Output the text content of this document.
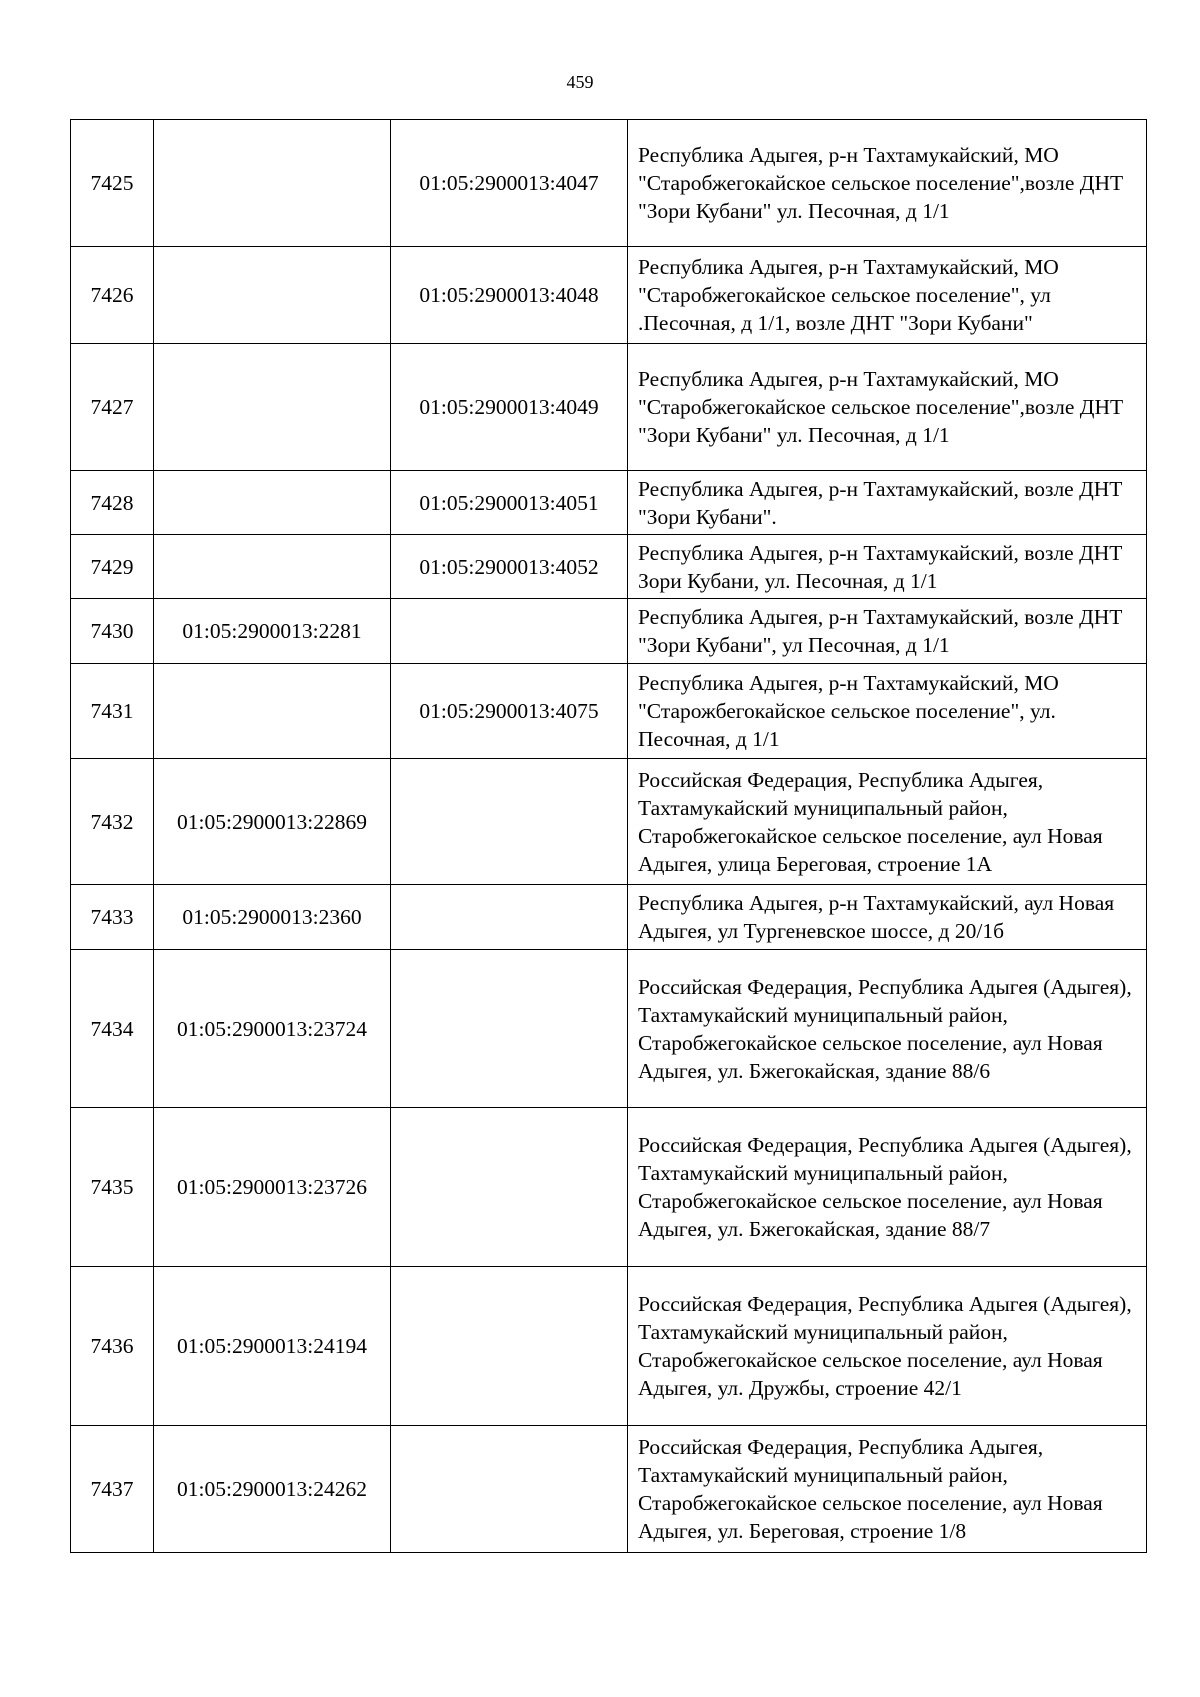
459
7425		01:05:2900013:4047	Республика Адыгея, р-н Тахтамукайский, МО "Старобжегокайское сельское поселение",возле ДНТ "Зори Кубани" ул. Песочная, д 1/1
7426		01:05:2900013:4048	Республика Адыгея, р-н Тахтамукайский, МО "Старобжегокайское сельское поселение", ул .Песочная, д 1/1, возле ДНТ "Зори Кубани"
7427		01:05:2900013:4049	Республика Адыгея, р-н Тахтамукайский, МО "Старобжегокайское сельское поселение",возле ДНТ "Зори Кубани" ул. Песочная, д 1/1
7428		01:05:2900013:4051	Республика Адыгея, р-н Тахтамукайский, возле ДНТ "Зори Кубани".
7429		01:05:2900013:4052	Республика Адыгея, р-н Тахтамукайский, возле ДНТ Зори Кубани, ул. Песочная, д 1/1
7430	01:05:2900013:2281		Республика Адыгея, р-н Тахтамукайский, возле ДНТ "Зори Кубани", ул Песочная, д 1/1
7431		01:05:2900013:4075	Республика Адыгея, р-н Тахтамукайский, МО "Старожбегокайское сельское поселение", ул. Песочная, д 1/1
7432	01:05:2900013:22869		Российская Федерация, Республика Адыгея, Тахтамукайский муниципальный район, Старобжегокайское сельское поселение, аул Новая Адыгея, улица Береговая, строение 1А
7433	01:05:2900013:2360		Республика Адыгея, р-н Тахтамукайский, аул Новая Адыгея, ул Тургеневское шоссе, д 20/1б
7434	01:05:2900013:23724		Российская Федерация, Республика Адыгея (Адыгея), Тахтамукайский муниципальный район, Старобжегокайское сельское поселение, аул Новая Адыгея, ул. Бжегокайская, здание 88/6
7435	01:05:2900013:23726		Российская Федерация, Республика Адыгея (Адыгея), Тахтамукайский муниципальный район, Старобжегокайское сельское поселение, аул Новая Адыгея, ул. Бжегокайская, здание 88/7
7436	01:05:2900013:24194		Российская Федерация, Республика Адыгея (Адыгея), Тахтамукайский муниципальный район, Старобжегокайское сельское поселение, аул Новая Адыгея, ул. Дружбы, строение 42/1
7437	01:05:2900013:24262		Российская Федерация, Республика Адыгея, Тахтамукайский муниципальный район, Старобжегокайское сельское поселение, аул Новая Адыгея, ул. Береговая, строение 1/8
